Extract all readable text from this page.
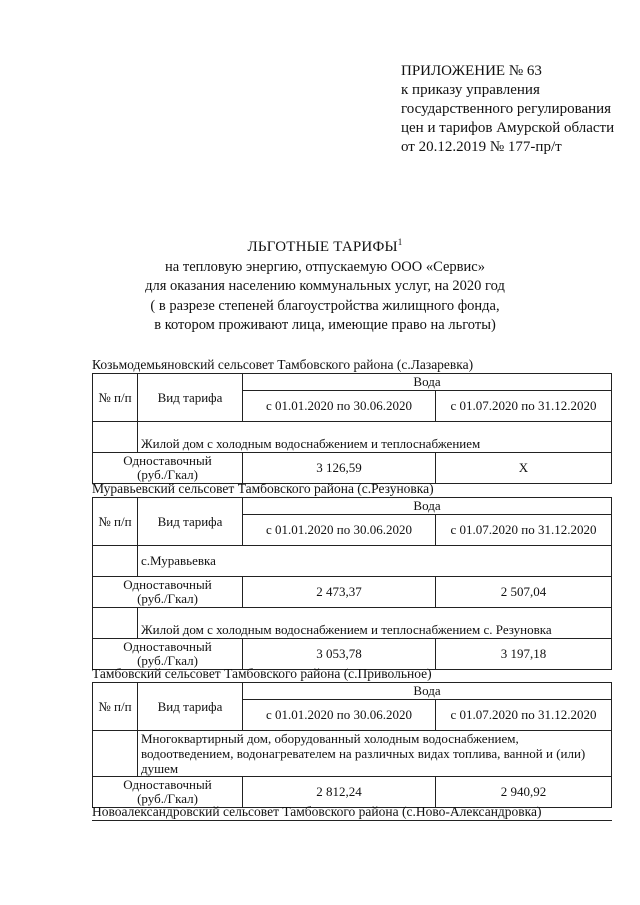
ПРИЛОЖЕНИЕ № 63
к приказу управления
государственного регулирования
цен и тарифов Амурской области
от 20.12.2019 № 177-пр/т
ЛЬГОТНЫЕ ТАРИФЫ$^1$
на тепловую энергию, отпускаемую ООО «Сервис»
для оказания населению коммунальных услуг, на 2020 год
( в разрезе степеней благоустройства жилищного фонда,
в котором проживают лица, имеющие право на льготы)
Козьмодемьяновский сельсовет Тамбовского района (с.Лазаревка)
№ п/п	Вид тарифа	Вода	
		с 01.01.2020 по 30.06.2020	с 01.07.2020 по 31.12.2020
	Жилой дом с холодным водоснабжением и теплоснабжением		

Одноставочный
(руб./Гкал)		3 126,59	Х
Муравьевский сельсовет Тамбовского района (с.Резуновка)
№ п/п	Вид тарифа	Вода	
		с 01.01.2020 по 30.06.2020	с 01.07.2020 по 31.12.2020
	с.Муравьевка		

Одноставочный
(руб./Гкал)		2 473,37	2 507,04
	Жилой дом с холодным водоснабжением и теплоснабжением с. Резуновка		

Одноставочный
(руб./Гкал)		3 053,78	3 197,18
Тамбовский сельсовет Тамбовского района (с.Привольное)
№ п/п	Вид тарифа	Вода	
		с 01.01.2020 по 30.06.2020	с 01.07.2020 по 31.12.2020
	Многоквартирный дом, оборудованный холодным водоснабжением, водоотведением, водонагревателем на различных видах топлива, ванной и (или) душем		

Одноставочный
(руб./Гкал)		2 812,24	2 940,92
Новоалександровский сельсовет Тамбовского района (с.Ново-Александровка)
